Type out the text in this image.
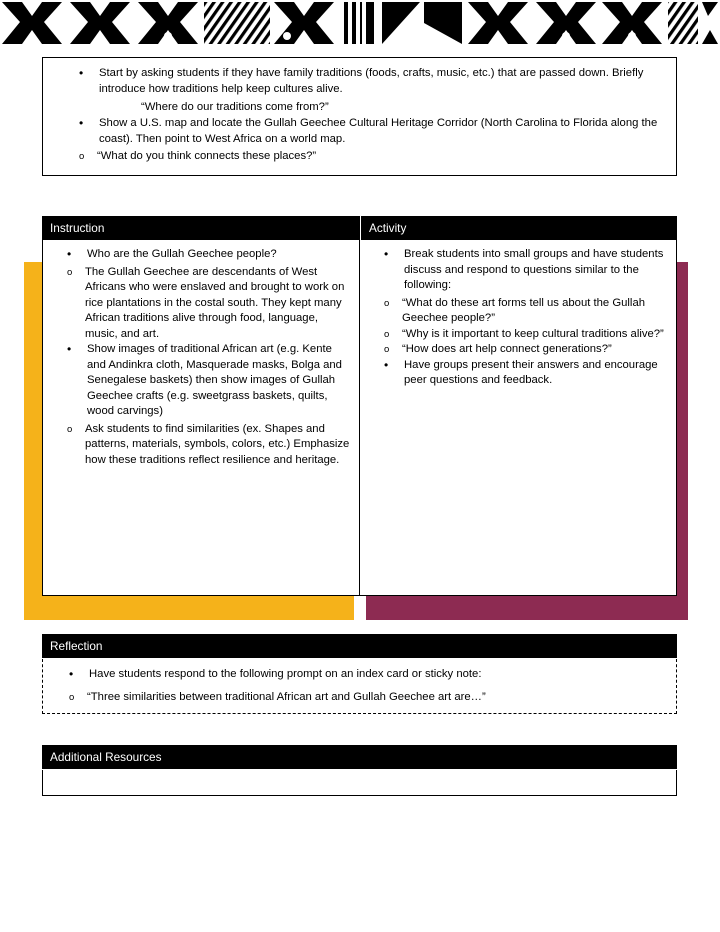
• Start by asking students if they have family traditions (foods, crafts, music, etc.) that are passed down. Briefly introduce how traditions help keep cultures alive.

“Where do our traditions come from?”

• Show a U.S. map and locate the Gullah Geechee Cultural Heritage Corridor (North Carolina to Florida along the coast). Then point to West Africa on a world map.
o “What do you think connects these places?”
Instruction	Activity
• Who are the Gullah Geechee people?
o The Gullah Geechee are descendants of West Africans who were enslaved and brought to work on rice plantations in the costal south. They kept many African traditions alive through food, language, music, and art.
• Show images of traditional African art (e.g. Kente and Andinkra cloth, Masquerade masks, Bolga and Senegalese baskets) then show images of Gullah Geechee crafts (e.g. sweetgrass baskets, quilts, wood carvings)
o Ask students to find similarities (ex. Shapes and patterns, materials, symbols, colors, etc.) Emphasize how these traditions reflect resilience and heritage.
• Break students into small groups and have students discuss and respond to questions similar to the following:
o “What do these art forms tell us about the Gullah Geechee people?”
o “Why is it important to keep cultural traditions alive?”
o “How does art help connect generations?”
• Have groups present their answers and encourage peer questions and feedback.
Reflection
• Have students respond to the following prompt on an index card or sticky note:
o “Three similarities between traditional African art and Gullah Geechee art are…”
Additional Resources
